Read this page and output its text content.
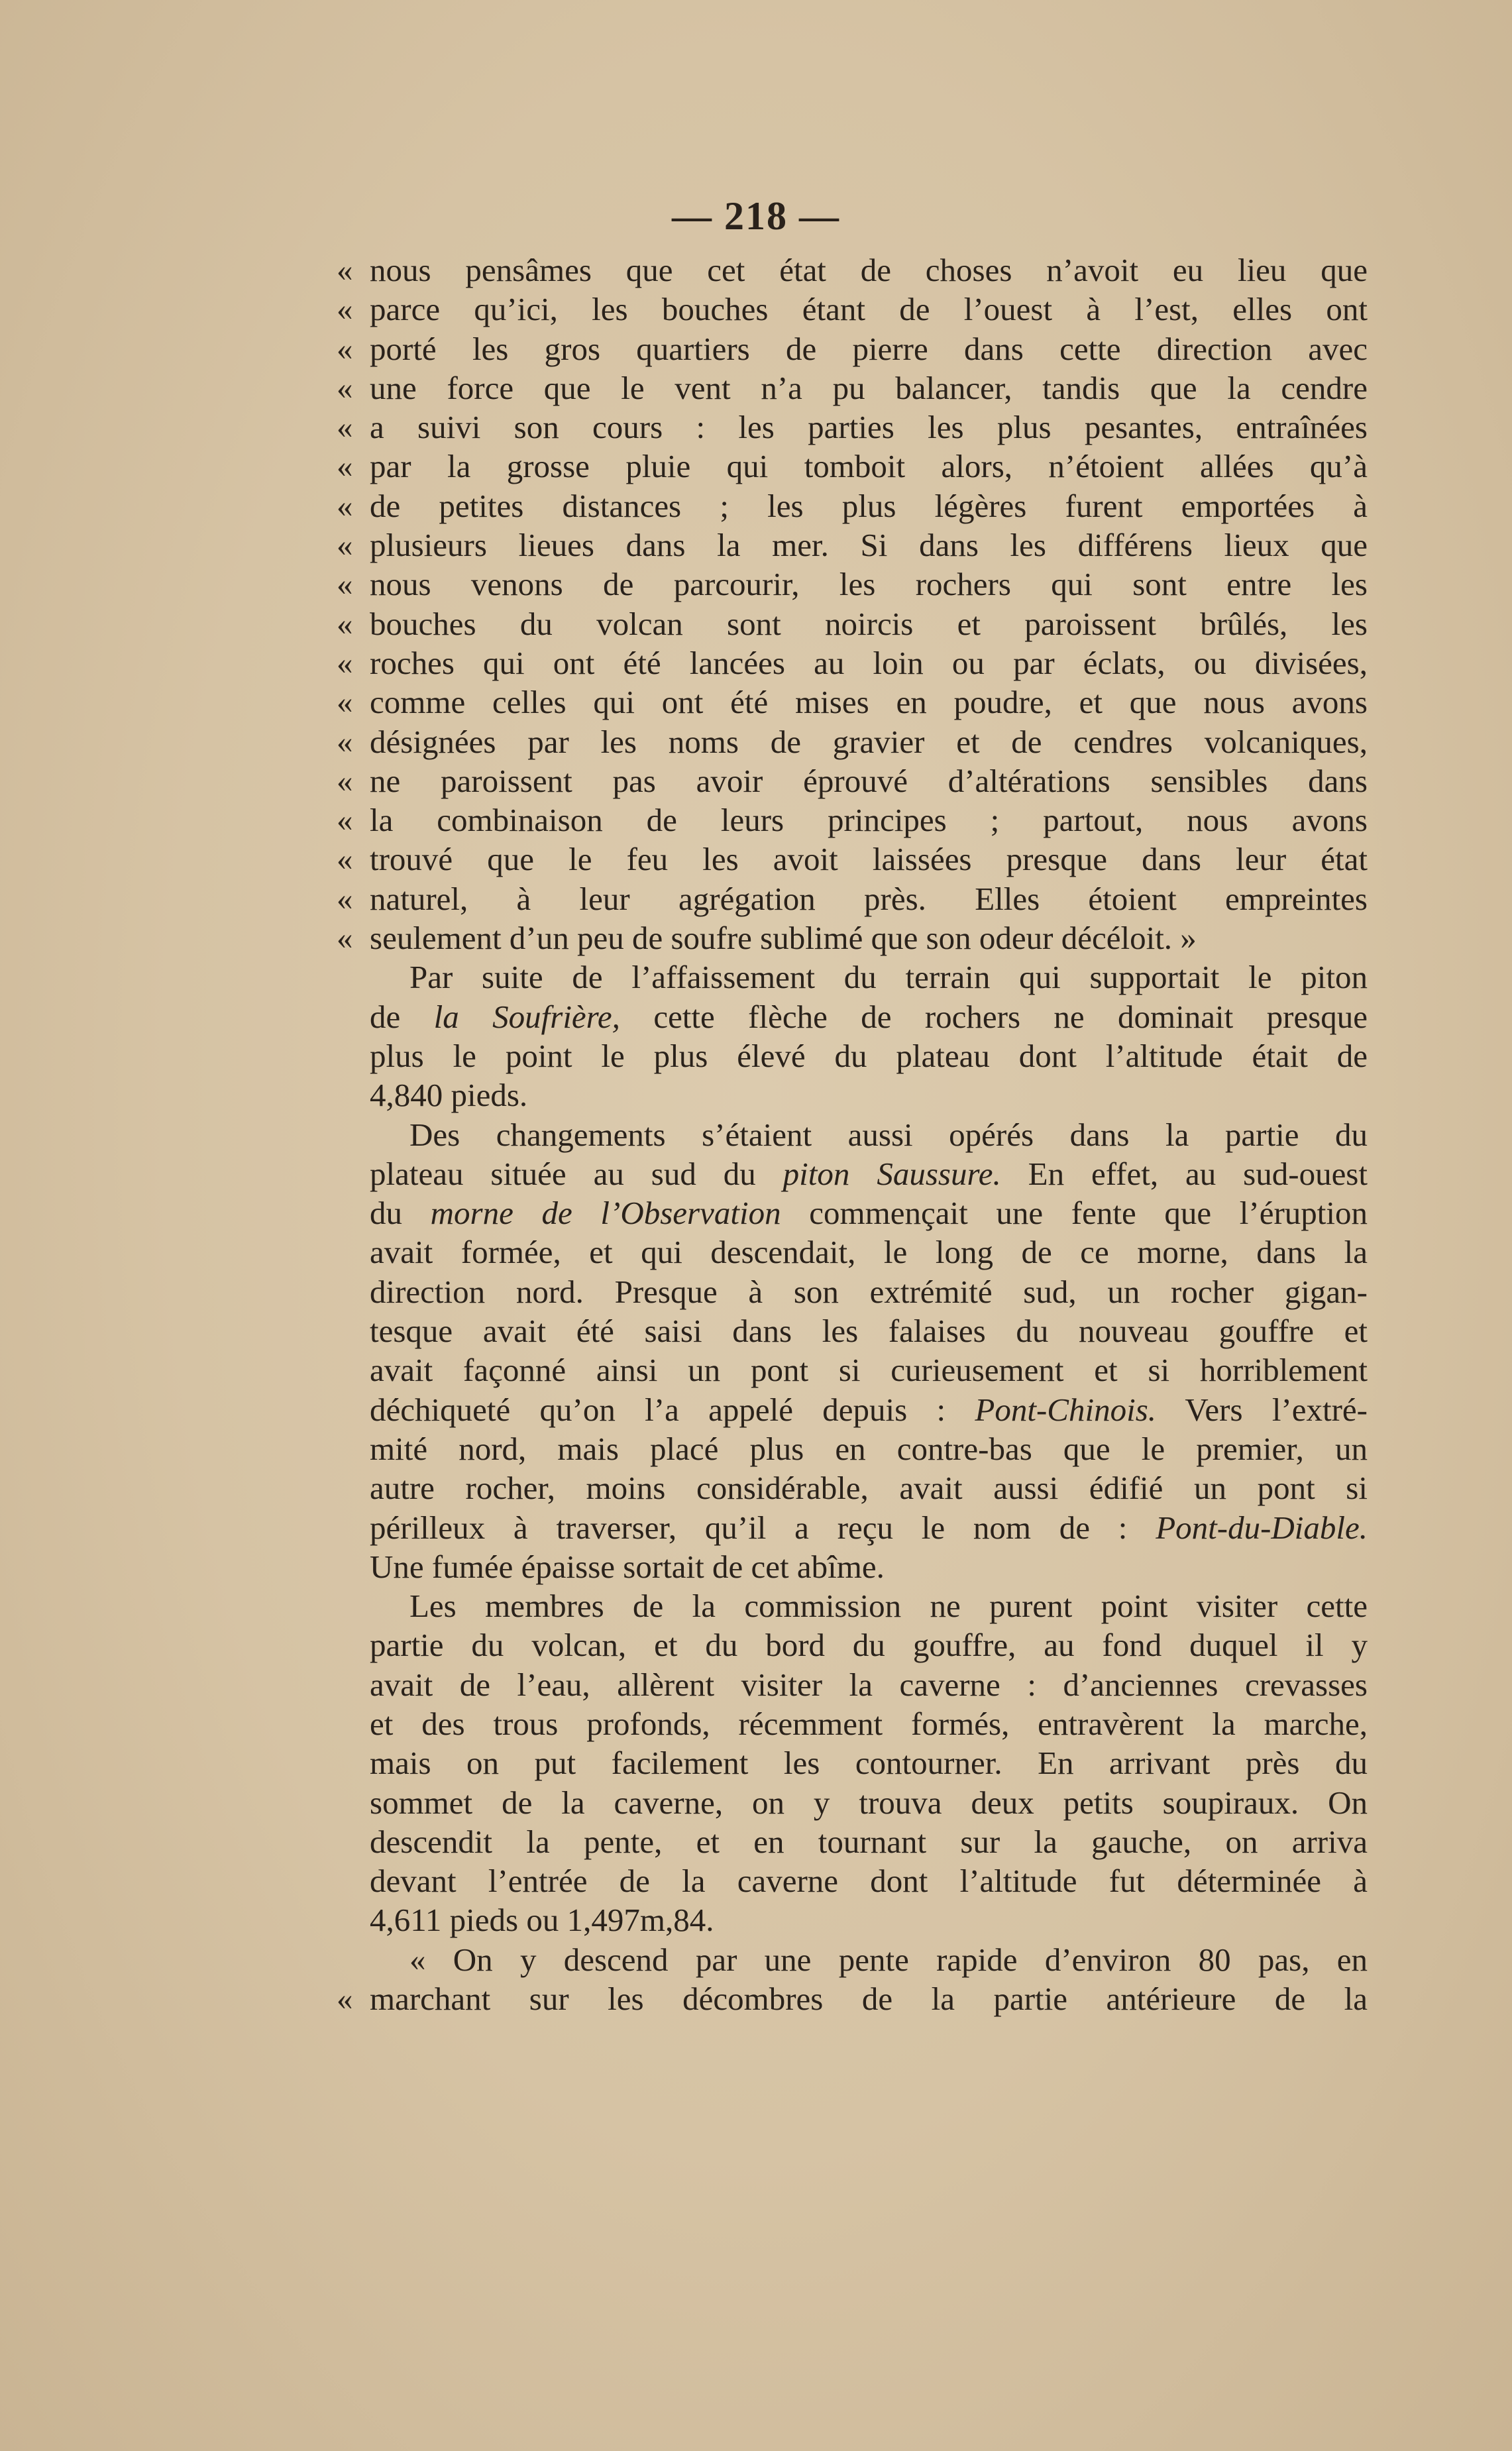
— 218 —
« nous pensâmes que cet état de choses n’avoit eu lieu que
« parce qu’ici, les bouches étant de l’ouest à l’est, elles ont
« porté les gros quartiers de pierre dans cette direction avec
« une force que le vent n’a pu balancer, tandis que la cendre
« a suivi son cours : les parties les plus pesantes, entraînées
« par la grosse pluie qui tomboit alors, n’étoient allées qu’à
« de petites distances ; les plus légères furent emportées à
« plusieurs lieues dans la mer. Si dans les différens lieux que
« nous venons de parcourir, les rochers qui sont entre les
« bouches du volcan sont noircis et paroissent brûlés, les
« roches qui ont été lancées au loin ou par éclats, ou divisées,
« comme celles qui ont été mises en poudre, et que nous avons
« désignées par les noms de gravier et de cendres volcaniques,
« ne paroissent pas avoir éprouvé d’altérations sensibles dans
« la combinaison de leurs principes ; partout, nous avons
« trouvé que le feu les avoit laissées presque dans leur état
« naturel, à leur agrégation près. Elles étoient empreintes
« seulement d’un peu de soufre sublimé que son odeur décéloit. »
Par suite de l’affaissement du terrain qui supportait le piton
de la Soufrière, cette flèche de rochers ne dominait presque
plus le point le plus élevé du plateau dont l’altitude était de
4,840 pieds.
Des changements s’étaient aussi opérés dans la partie du
plateau située au sud du piton Saussure. En effet, au sud-ouest
du morne de l’Observation commençait une fente que l’éruption
avait formée, et qui descendait, le long de ce morne, dans la
direction nord. Presque à son extrémité sud, un rocher gigan-
tesque avait été saisi dans les falaises du nouveau gouffre et
avait façonné ainsi un pont si curieusement et si horriblement
déchiqueté qu’on l’a appelé depuis : Pont-Chinois. Vers l’extré-
mité nord, mais placé plus en contre-bas que le premier, un
autre rocher, moins considérable, avait aussi édifié un pont si
périlleux à traverser, qu’il a reçu le nom de : Pont-du-Diable.
Une fumée épaisse sortait de cet abîme.
Les membres de la commission ne purent point visiter cette
partie du volcan, et du bord du gouffre, au fond duquel il y
avait de l’eau, allèrent visiter la caverne : d’anciennes crevasses
et des trous profonds, récemment formés, entravèrent la marche,
mais on put facilement les contourner. En arrivant près du
sommet de la caverne, on y trouva deux petits soupiraux. On
descendit la pente, et en tournant sur la gauche, on arriva
devant l’entrée de la caverne dont l’altitude fut déterminée à
4,611 pieds ou 1,497m,84.
« On y descend par une pente rapide d’environ 80 pas, en
« marchant sur les décombres de la partie antérieure de la
